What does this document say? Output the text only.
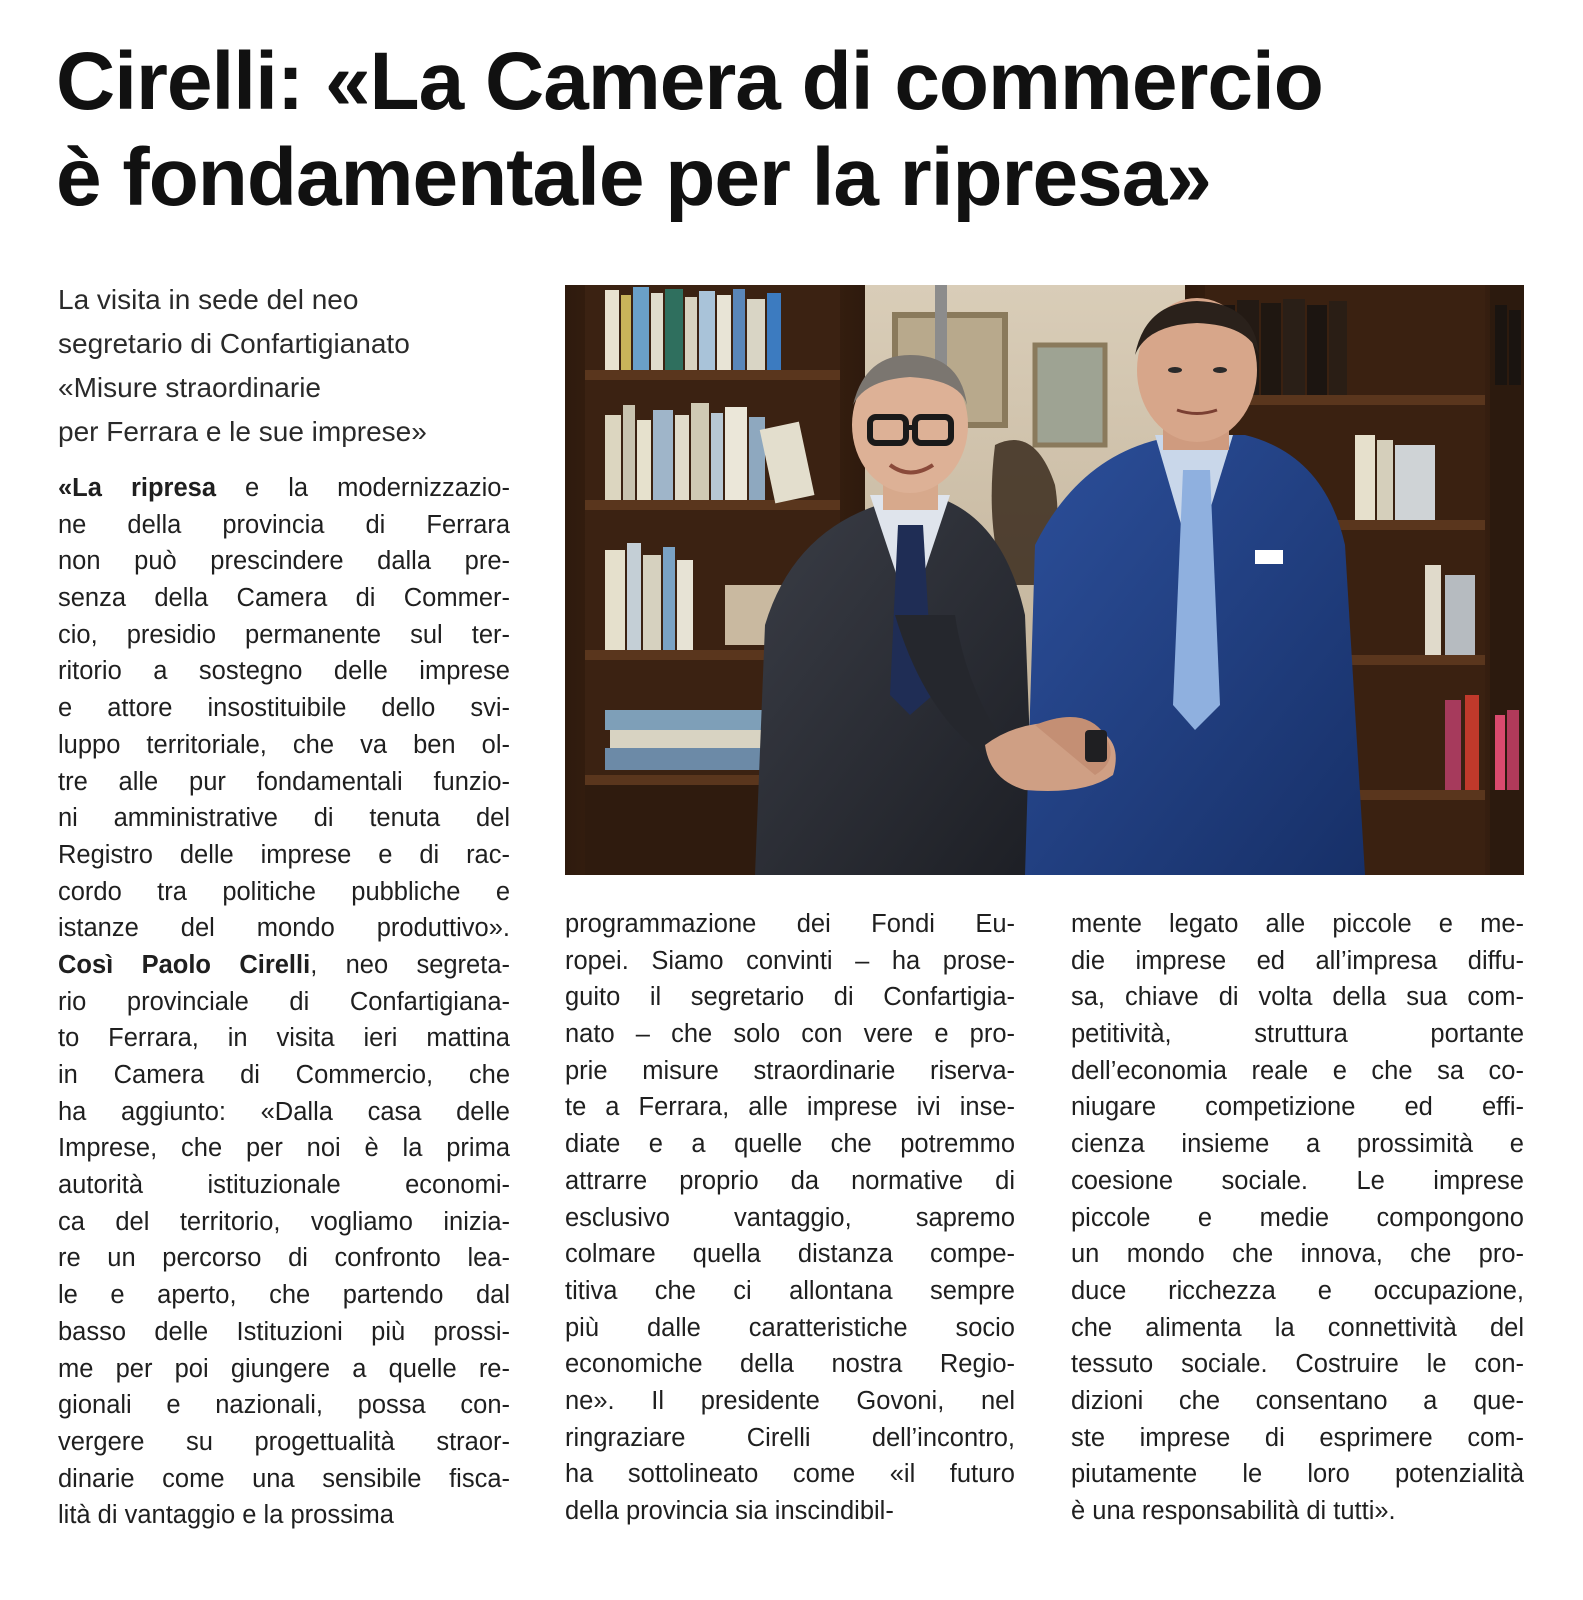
Cirelli: «La Camera di commercio
è fondamentale per la ripresa»
La visita in sede del neo
segretario di Confartigianato
«Misure straordinarie
per Ferrara e le sue imprese»
«La ripresa e la modernizzazio-
ne della provincia di Ferrara
non può prescindere dalla pre-
senza della Camera di Commer-
cio, presidio permanente sul ter-
ritorio a sostegno delle imprese
e attore insostituibile dello svi-
luppo territoriale, che va ben ol-
tre alle pur fondamentali funzio-
ni amministrative di tenuta del
Registro delle imprese e di rac-
cordo tra politiche pubbliche e
istanze del mondo produttivo».
Così Paolo Cirelli, neo segreta-
rio provinciale di Confartigiana-
to Ferrara, in visita ieri mattina
in Camera di Commercio, che
ha aggiunto: «Dalla casa delle
Imprese, che per noi è la prima
autorità istituzionale economi-
ca del territorio, vogliamo inizia-
re un percorso di confronto lea-
le e aperto, che partendo dal
basso delle Istituzioni più prossi-
me per poi giungere a quelle re-
gionali e nazionali, possa con-
vergere su progettualità straor-
dinarie come una sensibile fisca-
lità di vantaggio e la prossima
programmazione dei Fondi Eu-
ropei. Siamo convinti – ha prose-
guito il segretario di Confartigia-
nato – che solo con vere e pro-
prie misure straordinarie riserva-
te a Ferrara, alle imprese ivi inse-
diate e a quelle che potremmo
attrarre proprio da normative di
esclusivo vantaggio, sapremo
colmare quella distanza compe-
titiva che ci allontana sempre
più dalle caratteristiche socio
economiche della nostra Regio-
ne». Il presidente Govoni, nel
ringraziare Cirelli dell’incontro,
ha sottolineato come «il futuro
della provincia sia inscindibil-
mente legato alle piccole e me-
die imprese ed all’impresa diffu-
sa, chiave di volta della sua com-
petitività, struttura portante
dell’economia reale e che sa co-
niugare competizione ed effi-
cienza insieme a prossimità e
coesione sociale. Le imprese
piccole e medie compongono
un mondo che innova, che pro-
duce ricchezza e occupazione,
che alimenta la connettività del
tessuto sociale. Costruire le con-
dizioni che consentano a que-
ste imprese di esprimere com-
piutamente le loro potenzialità
è una responsabilità di tutti».
